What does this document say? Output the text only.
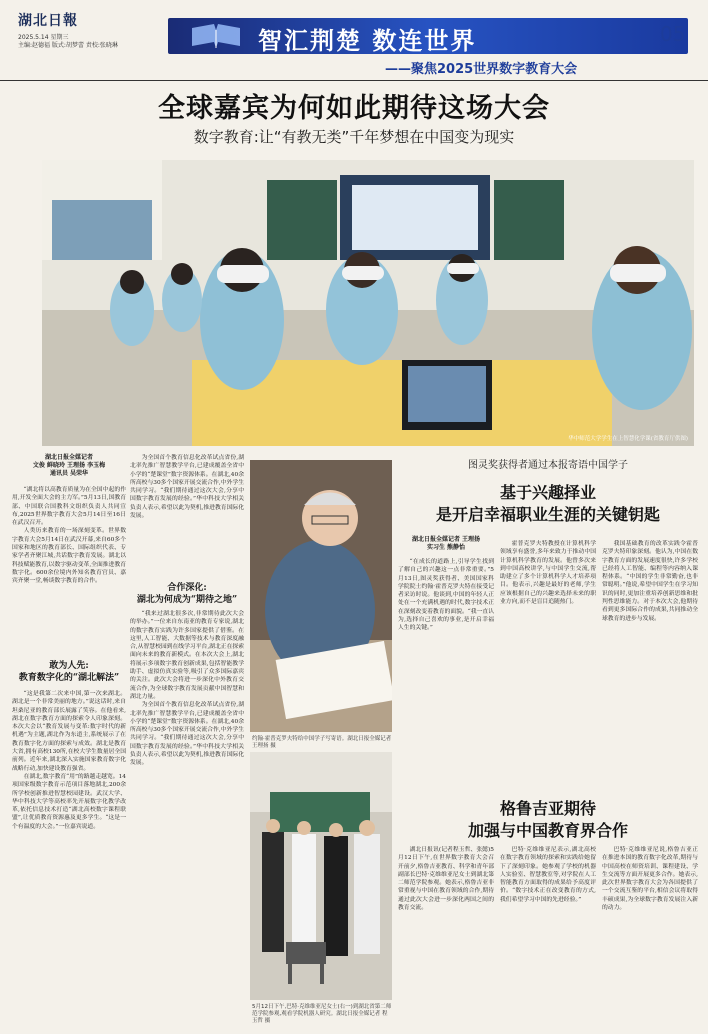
湖北日報
2025.5.14 星期三
主编:赵德福 版式:胡梦蕾 责校:张晓琳	智汇荆楚 数连世界
——聚焦2025世界数字教育大会
05
全球嘉宾为何如此期待这场大会
数字教育:让“有教无类”千年梦想在中国变为现实
华中师范大学学生在上智慧化学课(省教育厅供图)
湖北日报全媒记者
文俊 鲜晓玲 王理扬 李玉梅
通讯员 吴荣华

“湖北将以高教育质量为在全国中起的作用,开发全面大会的主力军。”5月13日,国教育部、中国联合国教科文组织负责人共同宣布,2025世界数字教育大会5月14日至16日在武汉召开。

人类历来教育的一场深刻变革。世界数字教育大会5月14日在武汉开幕,来自60多个国家和地区的教育部长、国际组织代表、专家学者齐聚江城,共话数字教育发展。湖北以科技赋能教育,以数字驱动变革,全面推进教育数字化。600余位境内外知名教育官员、嘉宾齐聚一堂,畅谈数字教育的合作。

敢为人先:
教育数字化的“湖北解法”

“这是我第二次来中国,第一次来湖北。湖北是一个非常美丽的地方。”说这话时,来自坦桑尼亚的教育部长展露了笑容。在他看来,湖北在数字教育方面的探索令人印象深刻。本次大会以“教育发展与变革:数字时代的新机遇”为主题,湖北作为东道主,系统展示了在教育数字化方面的探索与成效。湖北是教育大省,拥有高校130所,在校大学生数量居全国前列。近年来,湖北深入实施国家教育数字化战略行动,加快建设教育强省。

在湖北,数字教育“用”的路越走越宽。14项国家级数字教育示范项目落地湖北,200余所学校创新推进智慧校园建设。武汉大学、华中科技大学等高校率先开展数字化教学改革,依托信息技术打造“湖北高校数字课程联盟”,让优质教育资源惠及更多学生。“这是一个有温度的大会。”一位嘉宾说道。

为全国首个教育信息化改革试点省份,湖北率先推广智慧教学平台,已建成覆盖全省中小学的“楚课堂”数字资源体系。在湖北,40余所高校与30多个国家开展交流合作,中外学生共同学习。“我们期待通过这次大会,分享中国数字教育发展的经验。”华中科技大学相关负责人表示,希望以此为契机,推进教育国际化发展。

合作深化:
湖北为何成为“期待之地”

“我来过湖北很多次,非常期待此次大会的举办。”一位来自东南亚的教育专家说,湖北的数字教育实践为许多国家提供了借鉴。在这里,人工智能、大数据等技术与教育深度融合,从智慧校园到在线学习平台,湖北正在探索面向未来的教育新模式。在本次大会上,湖北将展示多项数字教育创新成果,包括智能教学助手、虚拟仿真实验等,吸引了众多国际嘉宾的关注。此次大会将进一步深化中外教育交流合作,为全球数字教育发展贡献中国智慧和湖北力量。

为全国首个教育信息化改革试点省份,湖北率先推广智慧教学平台,已建成覆盖全省中小学的“楚课堂”数字资源体系。在湖北,40余所高校与30多个国家开展交流合作,中外学生共同学习。“我们期待通过这次大会,分享中国数字教育发展的经验。”华中科技大学相关负责人表示,希望以此为契机,推进教育国际化发展。

约翰·霍普克罗夫特给中国学子写寄语。湖北日报全媒记者 王理扬 摄
图灵奖获得者通过本报寄语中国学子
基于兴趣择业
是开启幸福职业生涯的关键钥匙
湖北日报全媒记者 王理扬
实习生 熊静怡

“在成长的道路上,引导学生找到了解自己的兴趣这一点非常重要。”5月13日,图灵奖获得者、美国国家科学院院士约翰·霍普克罗夫特在接受记者采访时说。他谈到,中国的年轻人正处在一个充满机遇的时代,数字技术正在深刻改变着教育的面貌。“我一直认为,选择自己喜欢的事业,是开启幸福人生的关键。”

霍普克罗夫特教授在计算机科学领域享有盛誉,多年来致力于推动中国计算机科学教育的发展。他曾多次来到中国高校讲学,与中国学生交流,帮助建立了多个计算机科学人才培养项目。他表示,兴趣是最好的老师,学生应该根据自己的兴趣来选择未来的职业方向,而不是盲目追随热门。

我国基础教育的改革实践令霍普克罗夫特印象深刻。他认为,中国在数字教育方面的发展速度很快,许多学校已经将人工智能、编程等内容纳入课程体系。“中国的学生非常勤奋,也非常聪明。”他说,希望中国学生在学习知识的同时,更加注重培养创新思维和批判性思维能力。对于本次大会,他期待看到更多国际合作的成果,共同推动全球教育的进步与发展。

5月12日下午,巴特·克维维亚尼女士(右一)到湖北省第二师范学院参观,观看学院机器人研究。湖北日报全媒记者 程玉哲 摄
格鲁吉亚期待
加强与中国教育界合作

湖北日报讯(记者程玉哲、张懿)5月12日下午,在世界数字教育大会召开前夕,格鲁吉亚教育、科学和青年部副部长巴特·克维维亚尼女士到湖北第二师范学院参观。她表示,格鲁吉亚非常重视与中国在教育领域的合作,期待通过此次大会进一步深化两国之间的教育交流。

巴特·克维维亚尼表示,湖北高校在数字教育领域的探索和实践给她留下了深刻印象。她参观了学校的机器人实验室、智慧教室等,对学院在人工智能教育方面取得的成果给予高度评价。“数字技术正在改变教育的方式,我们希望学习中国的先进经验。”

巴特·克维维亚尼说,格鲁吉亚正在推进本国的教育数字化改革,期待与中国高校在师资培训、课程建设、学生交流等方面开展更多合作。她表示,此次世界数字教育大会为各国提供了一个交流互鉴的平台,相信会议将取得丰硕成果,为全球数字教育发展注入新的动力。
